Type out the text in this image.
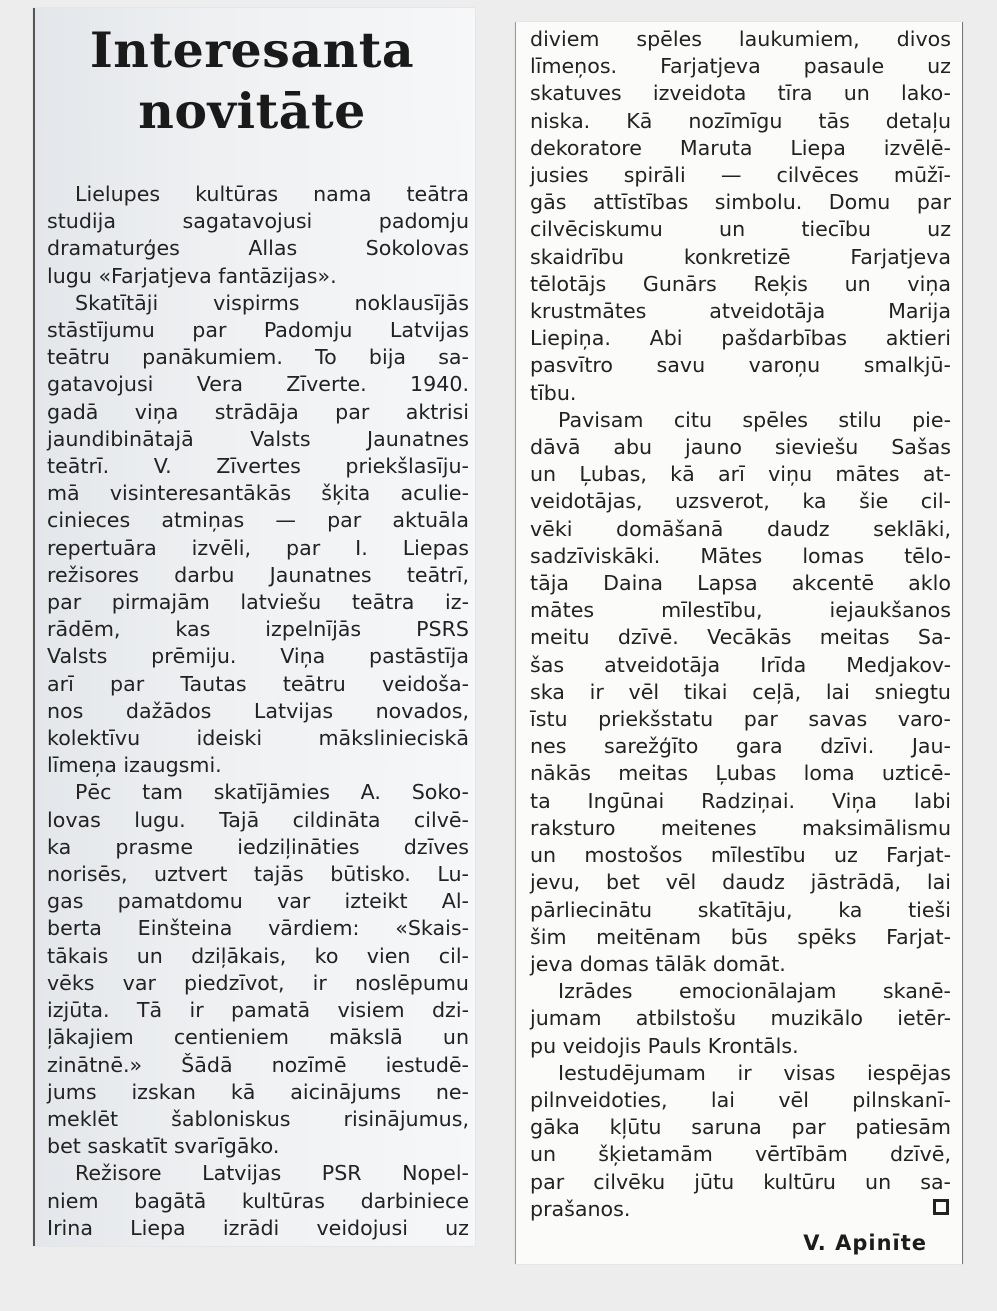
Interesanta
novitāte
Lielupes kultūras nama teātra
studija sagatavojusi padomju
dramaturģes Allas Sokolovas
lugu «Farjatjeva fantāzijas».
Skatītāji vispirms noklausījās
stāstījumu par Padomju Latvijas
teātru panākumiem. To bija sa-
gatavojusi Vera Zīverte. 1940.
gadā viņa strādāja par aktrisi
jaundibinātajā Valsts Jaunatnes
teātrī. V. Zīvertes priekšlasīju-
mā visinteresantākās šķita aculie-
cinieces atmiņas — par aktuāla
repertuāra izvēli, par I. Liepas
režisores darbu Jaunatnes teātrī,
par pirmajām latviešu teātra iz-
rādēm, kas izpelnījās PSRS
Valsts prēmiju. Viņa pastāstīja
arī par Tautas teātru veidoša-
nos dažādos Latvijas novados,
kolektīvu ideiski mākslinieciskā
līmeņa izaugsmi.
Pēc tam skatījāmies A. Soko-
lovas lugu. Tajā cildināta cilvē-
ka prasme iedziļināties dzīves
norisēs, uztvert tajās būtisko. Lu-
gas pamatdomu var izteikt Al-
berta Einšteina vārdiem: «Skais-
tākais un dziļākais, ko vien cil-
vēks var piedzīvot, ir noslēpumu
izjūta. Tā ir pamatā visiem dzi-
ļākajiem centieniem mākslā un
zinātnē.» Šādā nozīmē iestudē-
jums izskan kā aicinājums ne-
meklēt šabloniskus risinājumus,
bet saskatīt svarīgāko.
Režisore Latvijas PSR Nopel-
niem bagātā kultūras darbiniece
Irina Liepa izrādi veidojusi uz
diviem spēles laukumiem, divos
līmeņos. Farjatjeva pasaule uz
skatuves izveidota tīra un lako-
niska. Kā nozīmīgu tās detaļu
dekoratore Maruta Liepa izvēlē-
jusies spirāli — cilvēces mūžī-
gās attīstības simbolu. Domu par
cilvēciskumu un tiecību uz
skaidrību konkretizē Farjatjeva
tēlotājs Gunārs Reķis un viņa
krustmātes atveidotāja Marija
Liepiņa. Abi pašdarbības aktieri
pasvītro savu varoņu smalkjū-
tību.
Pavisam citu spēles stilu pie-
dāvā abu jauno sieviešu Sašas
un Ļubas, kā arī viņu mātes at-
veidotājas, uzsverot, ka šie cil-
vēki domāšanā daudz seklāki,
sadzīviskāki. Mātes lomas tēlo-
tāja Daina Lapsa akcentē aklo
mātes mīlestību, iejaukšanos
meitu dzīvē. Vecākās meitas Sa-
šas atveidotāja Irīda Medjakov-
ska ir vēl tikai ceļā, lai sniegtu
īstu priekšstatu par savas varo-
nes sarežģīto gara dzīvi. Jau-
nākās meitas Ļubas loma uzticē-
ta Ingūnai Radziņai. Viņa labi
raksturo meitenes maksimālismu
un mostošos mīlestību uz Farjat-
jevu, bet vēl daudz jāstrādā, lai
pārliecinātu skatītāju, ka tieši
šim meitēnam būs spēks Farjat-
jeva domas tālāk domāt.
Izrādes emocionālajam skanē-
jumam atbilstošu muzikālo ietēr-
pu veidojis Pauls Krontāls.
Iestudējumam ir visas iespējas
pilnveidoties, lai vēl pilnskanī-
gāka kļūtu saruna par patiesām
un šķietamām vērtībām dzīvē,
par cilvēku jūtu kultūru un sa-
prašanos.
V. Apinīte
